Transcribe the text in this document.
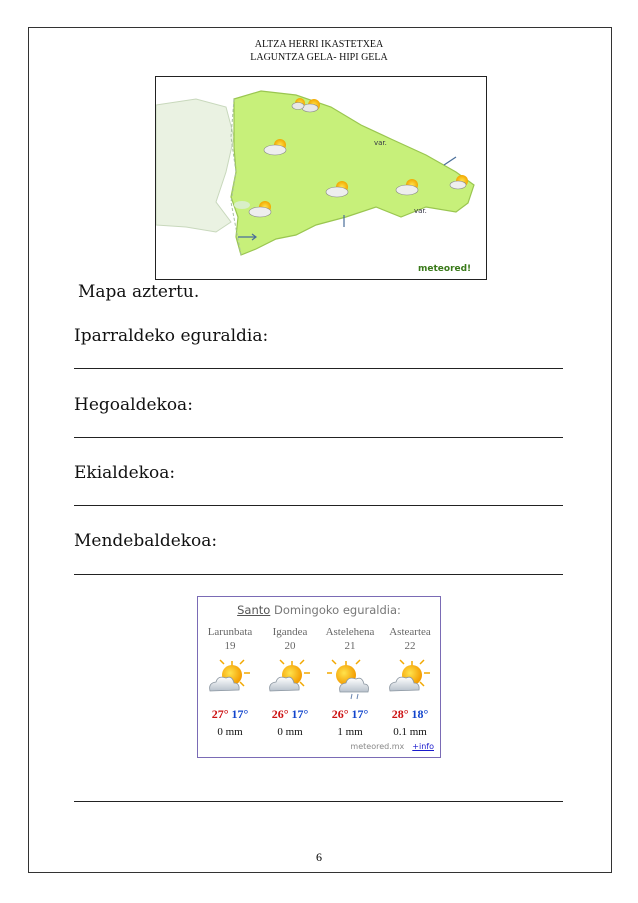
ALTZA HERRI IKASTETXEA
LAGUNTZA GELA- HIPI GELA
var.
var.
meteored!
Mapa aztertu.
Iparraldeko eguraldia:
Hegoaldekoa:
Ekialdekoa:
Mendebaldekoa:
Santo Domingoko eguraldia:
Larunbata
19
27° 17°
0 mm
Igandea
20
26° 17°
0 mm
Astelehena
21
26° 17°
1 mm
Asteartea
22
28° 18°
0.1 mm
meteored.mx +info
6
